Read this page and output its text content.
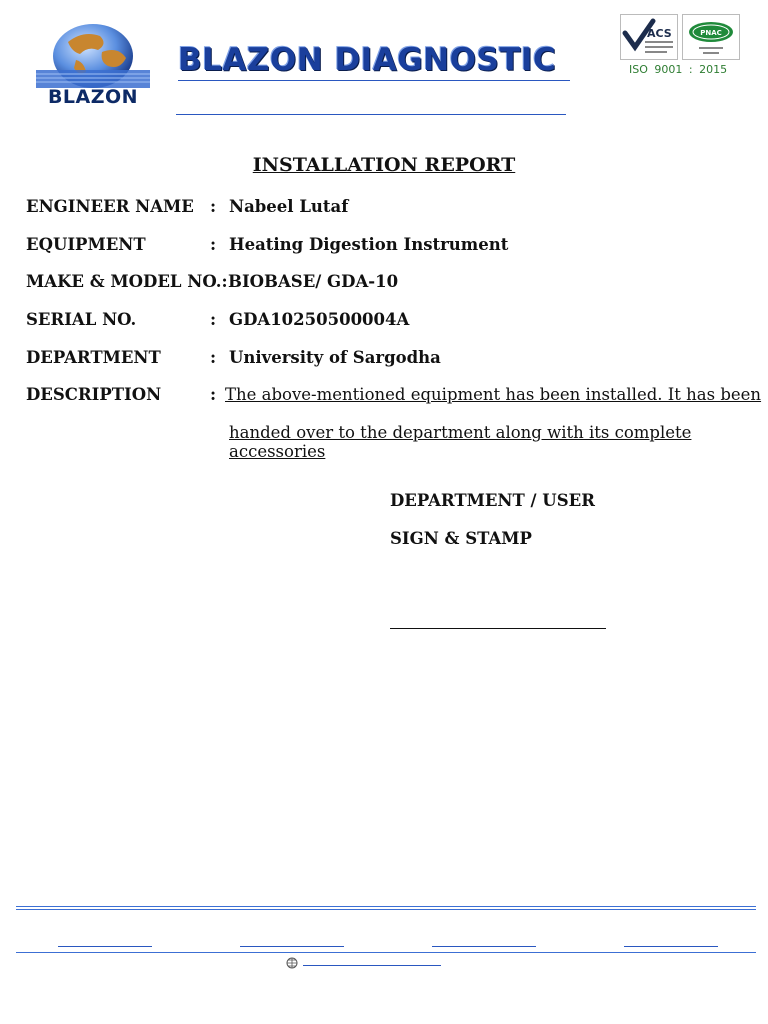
BLAZON
BLAZON DIAGNOSTIC
ACS	PNAC
ISO 9001 : 2015
INSTALLATION REPORT
ENGINEER NAME : Nabeel Lutaf
EQUIPMENT	: Heating Digestion Instrument
MAKE & MODEL NO.: BIOBASE/ GDA-10
SERIAL NO.	: GDA10250500004A
DEPARTMENT	: University of Sargodha
DESCRIPTION	: The above-mentioned equipment has been installed. It has been
handed over to the department along with its complete accessories
DEPARTMENT / USER
SIGN & STAMP
